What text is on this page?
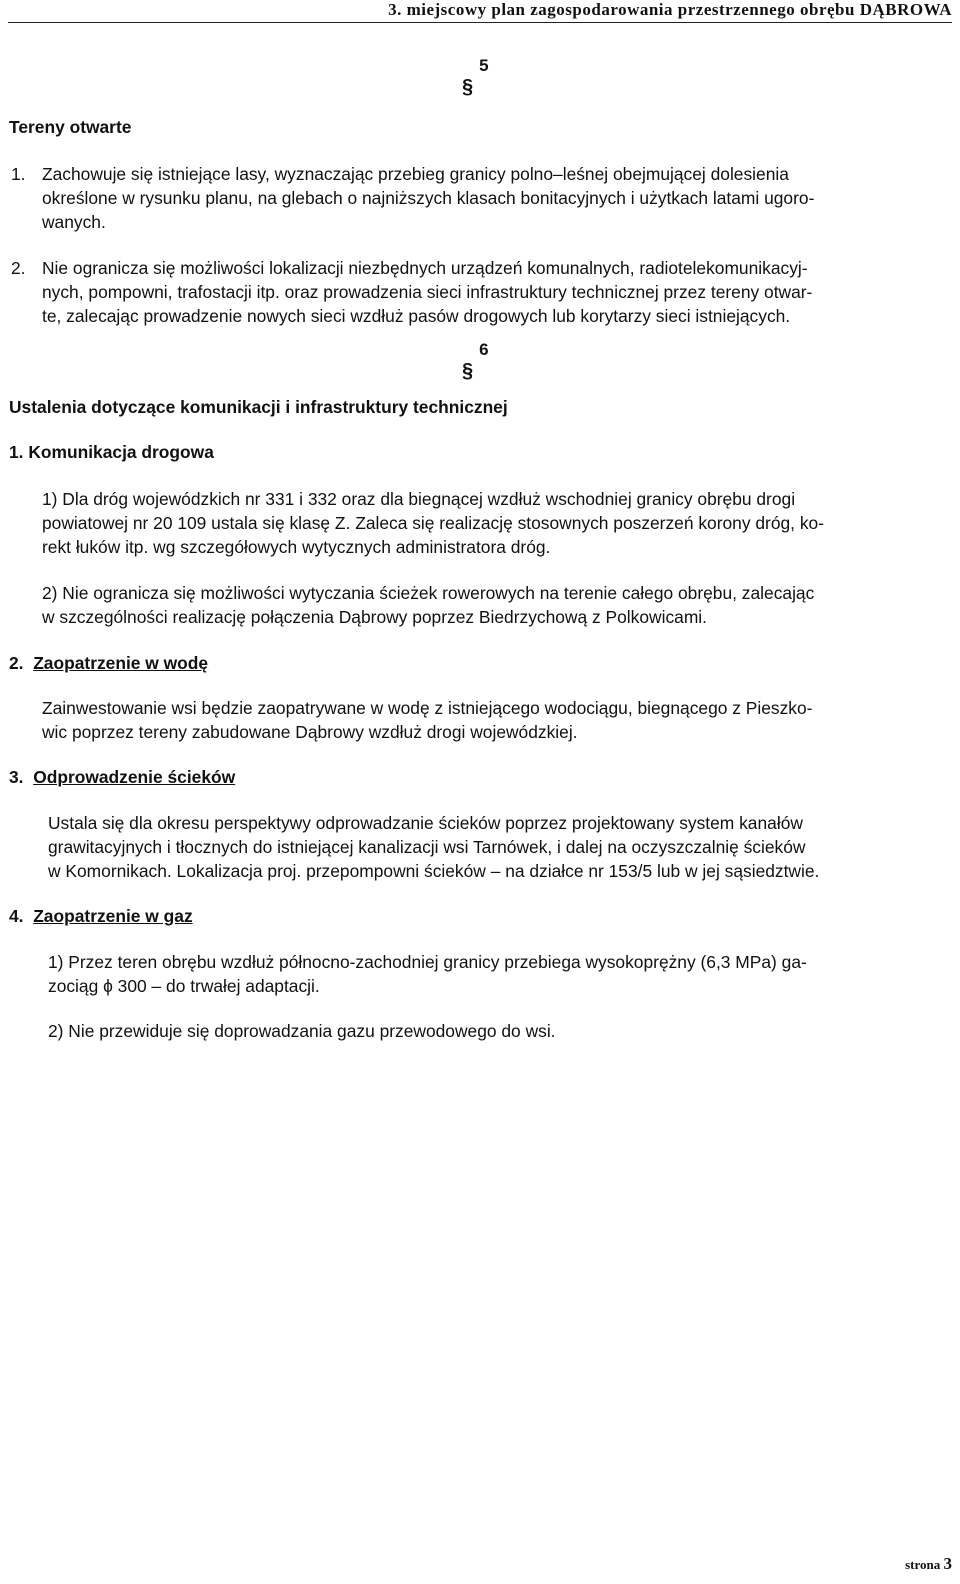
3. miejscowy plan zagospodarowania przestrzennego obrębu DĄBROWA
§5
Tereny otwarte
1. Zachowuje się istniejące lasy, wyznaczając przebieg granicy polno–leśnej obejmującej dolesienia
określone w rysunku planu, na glebach o najniższych klasach bonitacyjnych i użytkach latami ugoro-
wanych.
2. Nie ogranicza się możliwości lokalizacji niezbędnych urządzeń komunalnych, radiotelekomunikacyj-
nych, pompowni, trafostacji itp. oraz prowadzenia sieci infrastruktury technicznej przez tereny otwar-
te, zalecając prowadzenie nowych sieci wzdłuż pasów drogowych lub korytarzy sieci istniejących.
§6
Ustalenia dotyczące komunikacji i infrastruktury technicznej
1. Komunikacja drogowa
1) Dla dróg wojewódzkich nr 331 i 332 oraz dla biegnącej wzdłuż wschodniej granicy obrębu drogi
powiatowej nr 20 109 ustala się klasę Z. Zaleca się realizację stosownych poszerzeń korony dróg, ko-
rekt łuków itp. wg szczegółowych wytycznych administratora dróg.
2) Nie ogranicza się możliwości wytyczania ścieżek rowerowych na terenie całego obrębu, zalecając
w szczególności realizację połączenia Dąbrowy poprzez Biedrzychową z Polkowicami.
2. Zaopatrzenie w wodę
Zainwestowanie wsi będzie zaopatrywane w wodę z istniejącego wodociągu, biegnącego z Pieszko-
wic poprzez tereny zabudowane Dąbrowy wzdłuż drogi wojewódzkiej.
3. Odprowadzenie ścieków
Ustala się dla okresu perspektywy odprowadzanie ścieków poprzez projektowany system kanałów
grawitacyjnych i tłocznych do istniejącej kanalizacji wsi Tarnówek, i dalej na oczyszczalnię ścieków
w Komornikach. Lokalizacja proj. przepompowni ścieków – na działce nr 153/5 lub w jej sąsiedztwie.
4. Zaopatrzenie w gaz
1) Przez teren obrębu wzdłuż północno-zachodniej granicy przebiega wysokoprężny (6,3 MPa) ga-
zociąg ϕ 300 – do trwałej adaptacji.
2) Nie przewiduje się doprowadzania gazu przewodowego do wsi.
strona 3
